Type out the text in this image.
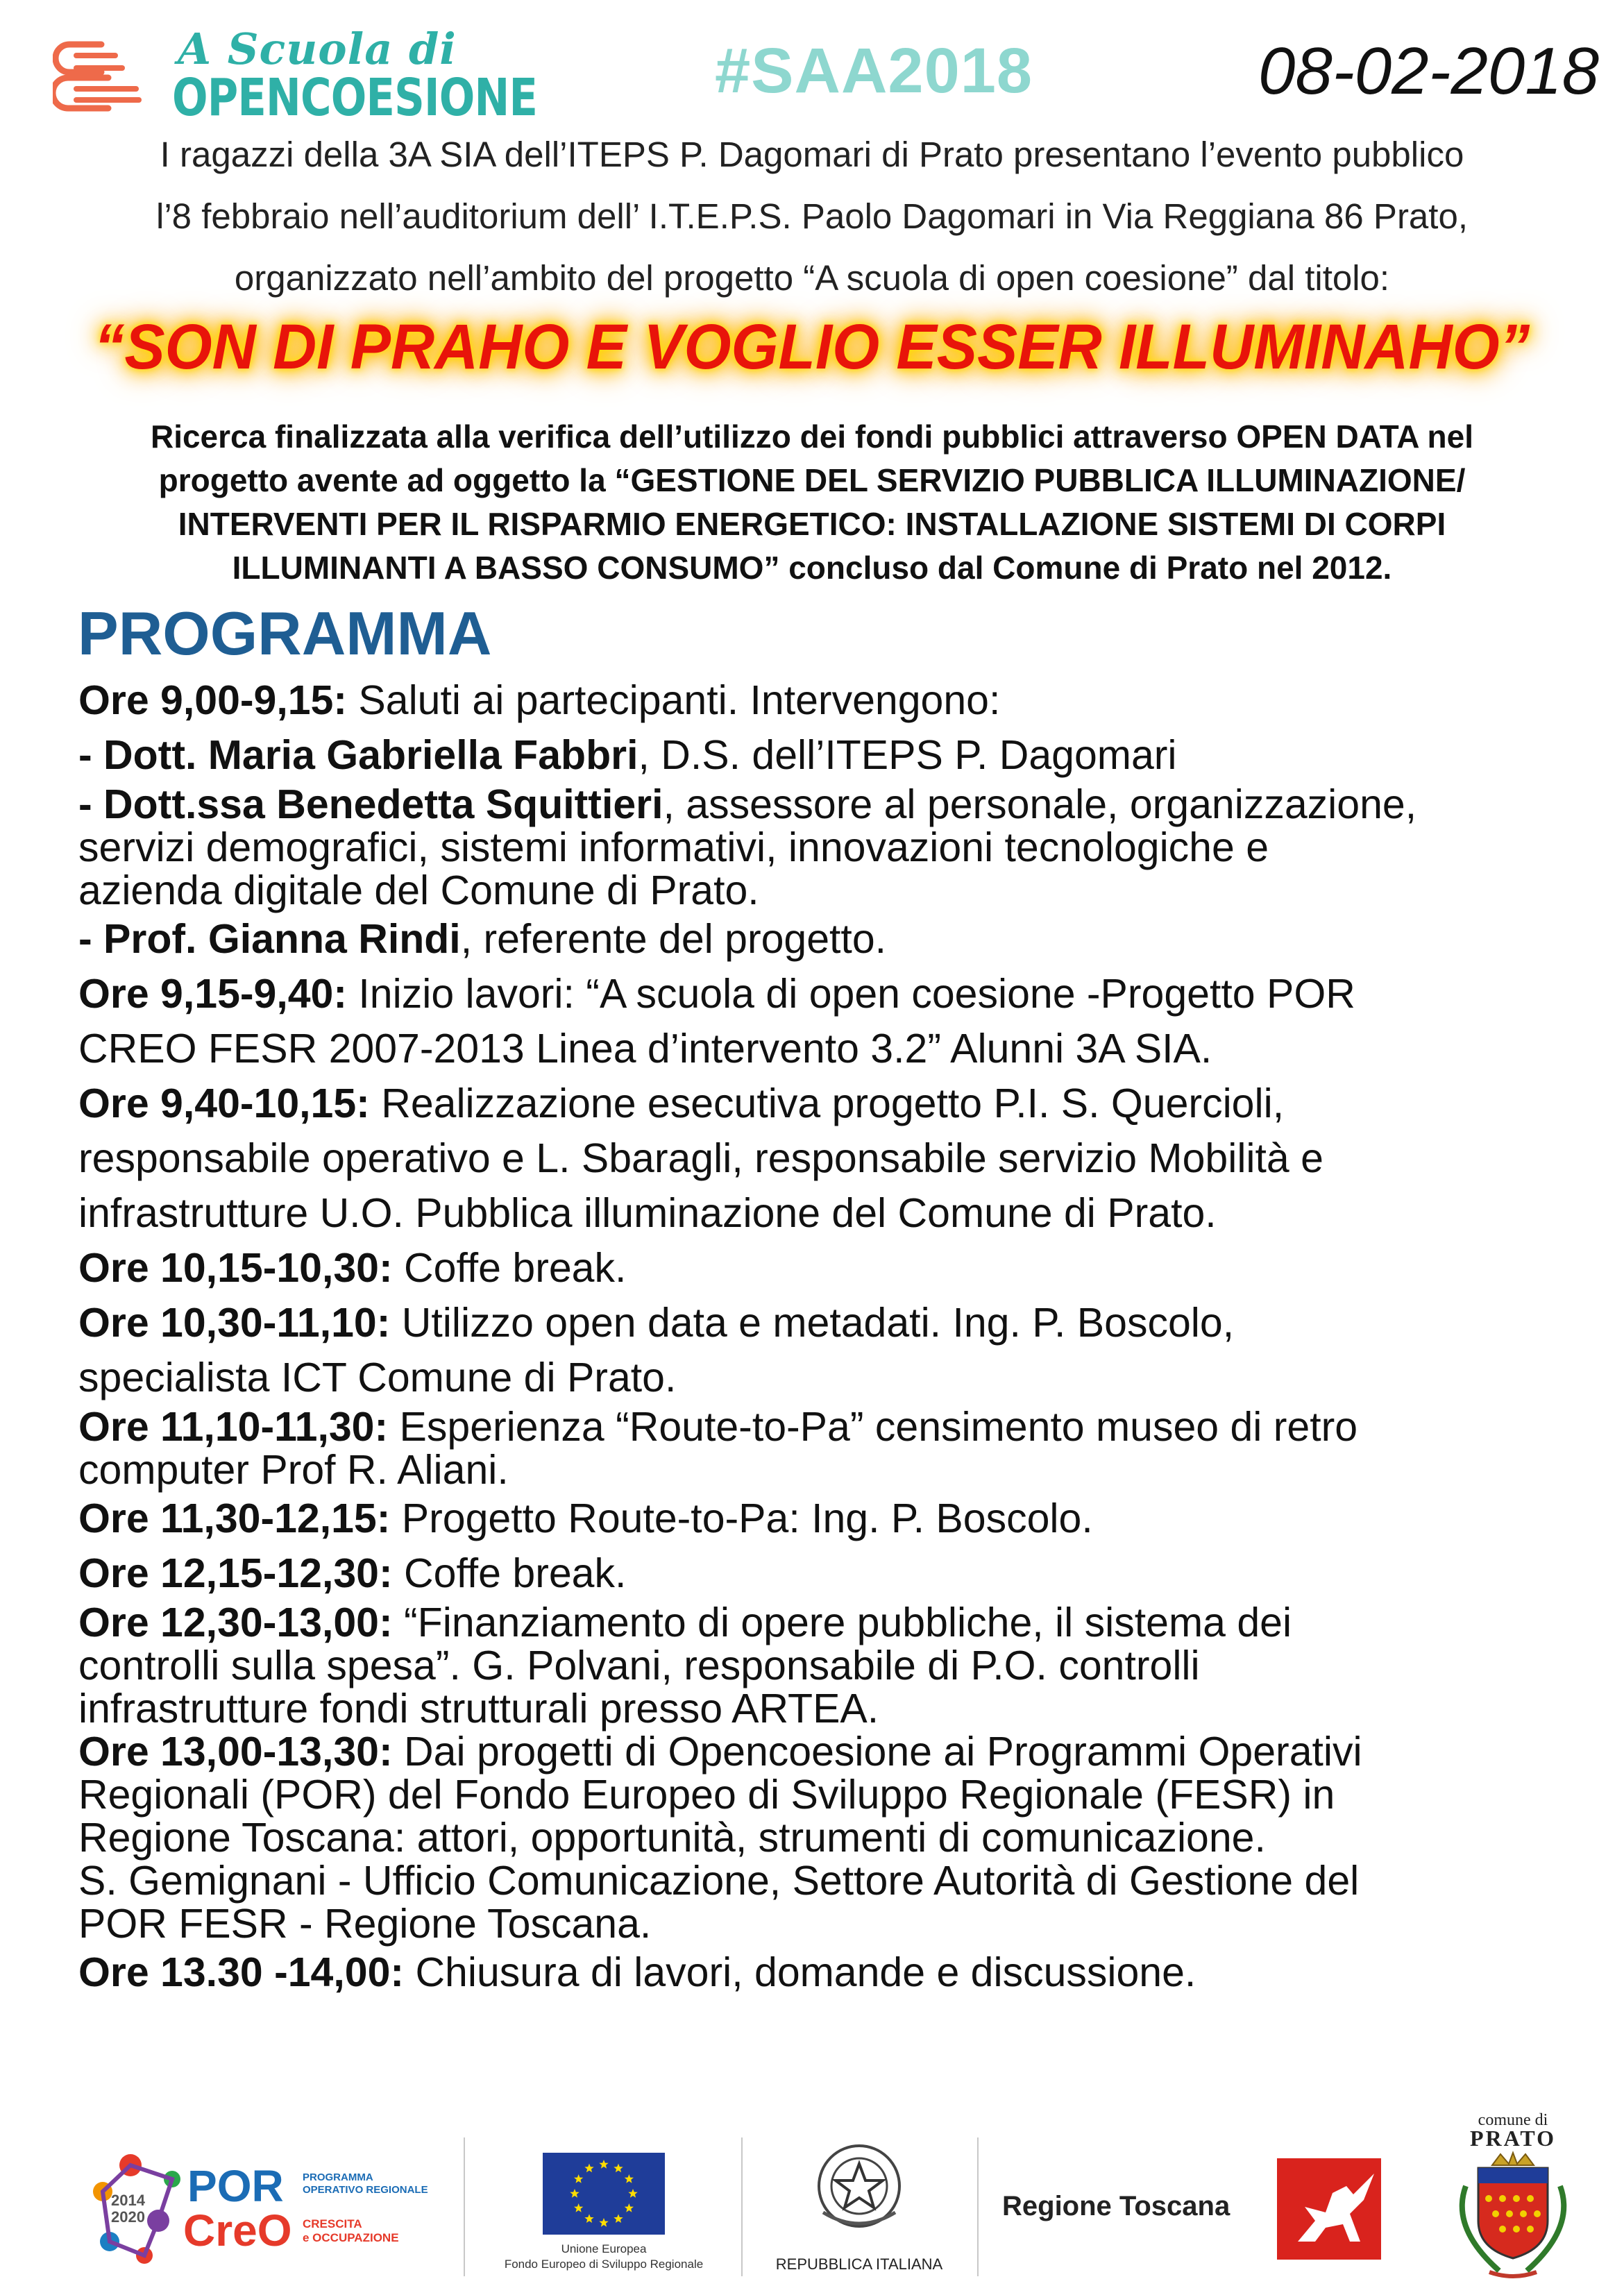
A Scuola di
OPENCOESIONE	#SAA2018	08-02-2018

I ragazzi della 3A SIA dell’ITEPS P. Dagomari di Prato presentano l’evento pubblico

l’8 febbraio nell’auditorium dell’ I.T.E.P.S. Paolo Dagomari in Via Reggiana 86 Prato,

organizzato nell’ambito del progetto “A scuola di open coesione” dal titolo:

“SON DI PRAHO E VOGLIO ESSER ILLUMINAHO”

Ricerca finalizzata alla verifica dell’utilizzo dei fondi pubblici attraverso OPEN DATA nel

progetto avente ad oggetto la “GESTIONE DEL SERVIZIO PUBBLICA ILLUMINAZIONE/

INTERVENTI PER IL RISPARMIO ENERGETICO: INSTALLAZIONE SISTEMI DI CORPI

ILLUMINANTI A BASSO CONSUMO” concluso dal Comune di Prato nel 2012.

PROGRAMMA

Ore 9,00-9,15: Saluti ai partecipanti. Intervengono:

- Dott. Maria Gabriella Fabbri, D.S. dell’ITEPS P. Dagomari

- Dott.ssa Benedetta Squittieri, assessore al personale, organizzazione,

servizi demografici, sistemi informativi, innovazioni tecnologiche e

azienda digitale del Comune di Prato.

- Prof. Gianna Rindi, referente del progetto.

Ore 9,15-9,40: Inizio lavori: “A scuola di open coesione -Progetto POR

CREO FESR 2007-2013 Linea d’intervento 3.2” Alunni 3A SIA.

Ore 9,40-10,15: Realizzazione esecutiva progetto P.I. S. Quercioli,

responsabile operativo e L. Sbaragli, responsabile servizio Mobilità e

infrastrutture U.O. Pubblica illuminazione del Comune di Prato.

Ore 10,15-10,30: Coffe break.

Ore 10,30-11,10: Utilizzo open data e metadati. Ing. P. Boscolo,

specialista ICT Comune di Prato.

Ore 11,10-11,30: Esperienza “Route-to-Pa” censimento museo di retro

computer Prof R. Aliani.

Ore 11,30-12,15: Progetto Route-to-Pa: Ing. P. Boscolo.

Ore 12,15-12,30: Coffe break.

Ore 12,30-13,00: “Finanziamento di opere pubbliche, il sistema dei

controlli sulla spesa”. G. Polvani, responsabile di P.O. controlli

infrastrutture fondi strutturali presso ARTEA.

Ore 13,00-13,30: Dai progetti di Opencoesione ai Programmi Operativi

Regionali (POR) del Fondo Europeo di Sviluppo Regionale (FESR) in

Regione Toscana: attori, opportunità, strumenti di comunicazione.

S. Gemignani - Ufficio Comunicazione, Settore Autorità di Gestione del

POR FESR - Regione Toscana.

Ore 13.30 -14,00: Chiusura di lavori, domande e discussione.

2014
2020
POR
CreO
PROGRAMMA
OPERATIVO REGIONALE
CRESCITA
e OCCUPAZIONE
Unione Europea
Fondo Europeo di Sviluppo Regionale	REPUBBLICA ITALIANA
Regione Toscana
comune di
PRATO
